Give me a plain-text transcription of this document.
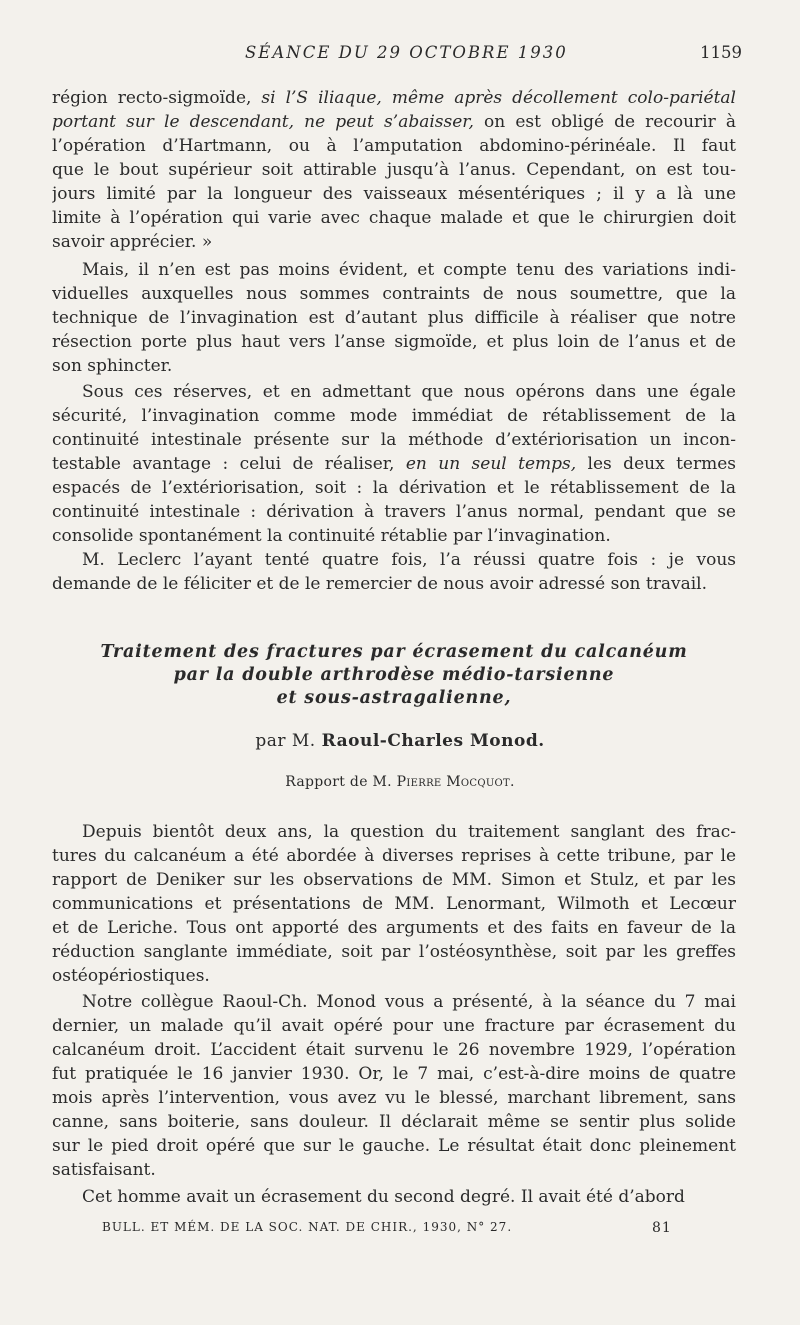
SÉANCE DU 29 OCTOBRE 1930	1159
région recto-sigmoïde, si l’S iliaque, même après décollement colo-pariétal
portant sur le descendant, ne peut s’abaisser, on est obligé de recourir à
l’opération d’Hartmann, ou à l’amputation abdomino-périnéale. Il faut
que le bout supérieur soit attirable jusqu’à l’anus. Cependant, on est tou-
jours limité par la longueur des vaisseaux mésentériques ; il y a là une
limite à l’opération qui varie avec chaque malade et que le chirurgien doit
savoir apprécier. »
Mais, il n’en est pas moins évident, et compte tenu des variations indi-
viduelles auxquelles nous sommes contraints de nous soumettre, que la
technique de l’invagination est d’autant plus difficile à réaliser que notre
résection porte plus haut vers l’anse sigmoïde, et plus loin de l’anus et de
son sphincter.
Sous ces réserves, et en admettant que nous opérons dans une égale
sécurité, l’invagination comme mode immédiat de rétablissement de la
continuité intestinale présente sur la méthode d’extériorisation un incon-
testable avantage : celui de réaliser, en un seul temps, les deux termes
espacés de l’extériorisation, soit : la dérivation et le rétablissement de la
continuité intestinale : dérivation à travers l’anus normal, pendant que se
consolide spontanément la continuité rétablie par l’invagination.
M. Leclerc l’ayant tenté quatre fois, l’a réussi quatre fois : je vous
demande de le féliciter et de le remercier de nous avoir adressé son travail.
Traitement des fractures par écrasement du calcanéum
par la double arthrodèse médio-tarsienne
et sous-astragalienne,
par M. Raoul-Charles Monod.
Rapport de M. Pierre Mocquot.
Depuis bientôt deux ans, la question du traitement sanglant des frac-
tures du calcanéum a été abordée à diverses reprises à cette tribune, par le
rapport de Deniker sur les observations de MM. Simon et Stulz, et par les
communications et présentations de MM. Lenormant, Wilmoth et Lecœur
et de Leriche. Tous ont apporté des arguments et des faits en faveur de la
réduction sanglante immédiate, soit par l’ostéosynthèse, soit par les greffes
ostéopériostiques.
Notre collègue Raoul-Ch. Monod vous a présenté, à la séance du 7 mai
dernier, un malade qu’il avait opéré pour une fracture par écrasement du
calcanéum droit. L’accident était survenu le 26 novembre 1929, l’opération
fut pratiquée le 16 janvier 1930. Or, le 7 mai, c’est-à-dire moins de quatre
mois après l’intervention, vous avez vu le blessé, marchant librement, sans
canne, sans boiterie, sans douleur. Il déclarait même se sentir plus solide
sur le pied droit opéré que sur le gauche. Le résultat était donc pleinement
satisfaisant.
Cet homme avait un écrasement du second degré. Il avait été d’abord
BULL. ET MÉM. DE LA SOC. NAT. DE CHIR., 1930, N° 27.	81
